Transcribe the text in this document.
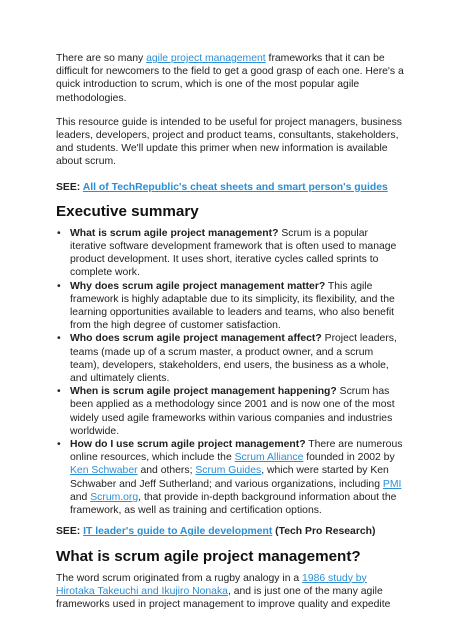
There are so many agile project management frameworks that it can be difficult for newcomers to the field to get a good grasp of each one. Here's a quick introduction to scrum, which is one of the most popular agile methodologies.

This resource guide is intended to be useful for project managers, business leaders, developers, project and product teams, consultants, stakeholders, and students. We'll update this primer when new information is available about scrum.

SEE: All of TechRepublic's cheat sheets and smart person's guides

Executive summary
• What is scrum agile project management? Scrum is a popular iterative software development framework that is often used to manage product development. It uses short, iterative cycles called sprints to complete work.
• Why does scrum agile project management matter? This agile framework is highly adaptable due to its simplicity, its flexibility, and the learning opportunities available to leaders and teams, who also benefit from the high degree of customer satisfaction.
• Who does scrum agile project management affect? Project leaders, teams (made up of a scrum master, a product owner, and a scrum team), developers, stakeholders, end users, the business as a whole, and ultimately clients.
• When is scrum agile project management happening? Scrum has been applied as a methodology since 2001 and is now one of the most widely used agile frameworks within various companies and industries worldwide.
• How do I use scrum agile project management? There are numerous online resources, which include the Scrum Alliance founded in 2002 by Ken Schwaber and others; Scrum Guides, which were started by Ken Schwaber and Jeff Sutherland; and various organizations, including PMI and Scrum.org, that provide in-depth background information about the framework, as well as training and certification options.

SEE: IT leader's guide to Agile development (Tech Pro Research)

What is scrum agile project management?

The word scrum originated from a rugby analogy in a 1986 study by Hirotaka Takeuchi and Ikujiro Nonaka, and is just one of the many agile frameworks used in project management to improve quality and expedite
